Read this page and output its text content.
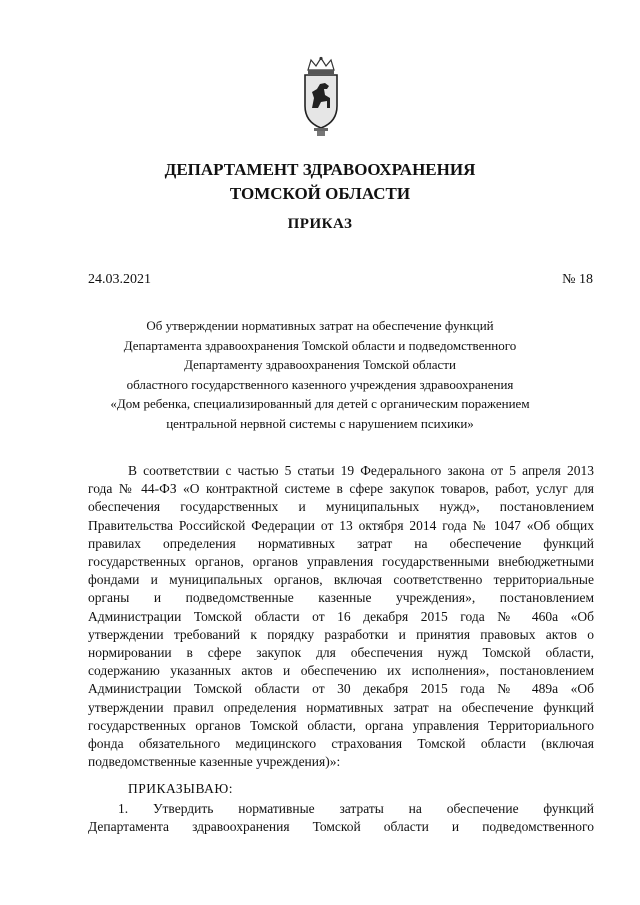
ДЕПАРТАМЕНТ ЗДРАВООХРАНЕНИЯ
ТОМСКОЙ ОБЛАСТИ
ПРИКАЗ
24.03.2021	№ 18
Об утверждении нормативных затрат на обеспечение функций
Департамента здравоохранения Томской области и подведомственного
Департаменту здравоохранения Томской области
областного государственного казенного учреждения здравоохранения
«Дом ребенка, специализированный для детей с органическим поражением
центральной нервной системы с нарушением психики»
В соответствии с частью 5 статьи 19 Федерального закона от 5 апреля 2013
года № 44-ФЗ «О контрактной системе в сфере закупок товаров, работ, услуг для
обеспечения государственных и муниципальных нужд», постановлением
Правительства Российской Федерации от 13 октября 2014 года № 1047 «Об общих
правилах определения нормативных затрат на обеспечение функций
государственных органов, органов управления государственными внебюджетными
фондами и муниципальных органов, включая соответственно территориальные
органы и подведомственные казенные учреждения», постановлением
Администрации Томской области от 16 декабря 2015 года № 460а «Об
утверждении требований к порядку разработки и принятия правовых актов о
нормировании в сфере закупок для обеспечения нужд Томской области,
содержанию указанных актов и обеспечению их исполнения», постановлением
Администрации Томской области от 30 декабря 2015 года № 489а «Об
утверждении правил определения нормативных затрат на обеспечение функций
государственных органов Томской области, органа управления Территориального
фонда обязательного медицинского страхования Томской области (включая
подведомственные казенные учреждения)»:
ПРИКАЗЫВАЮ:
1. Утвердить нормативные затраты на обеспечение функций
Департамента здравоохранения Томской области и подведомственного
